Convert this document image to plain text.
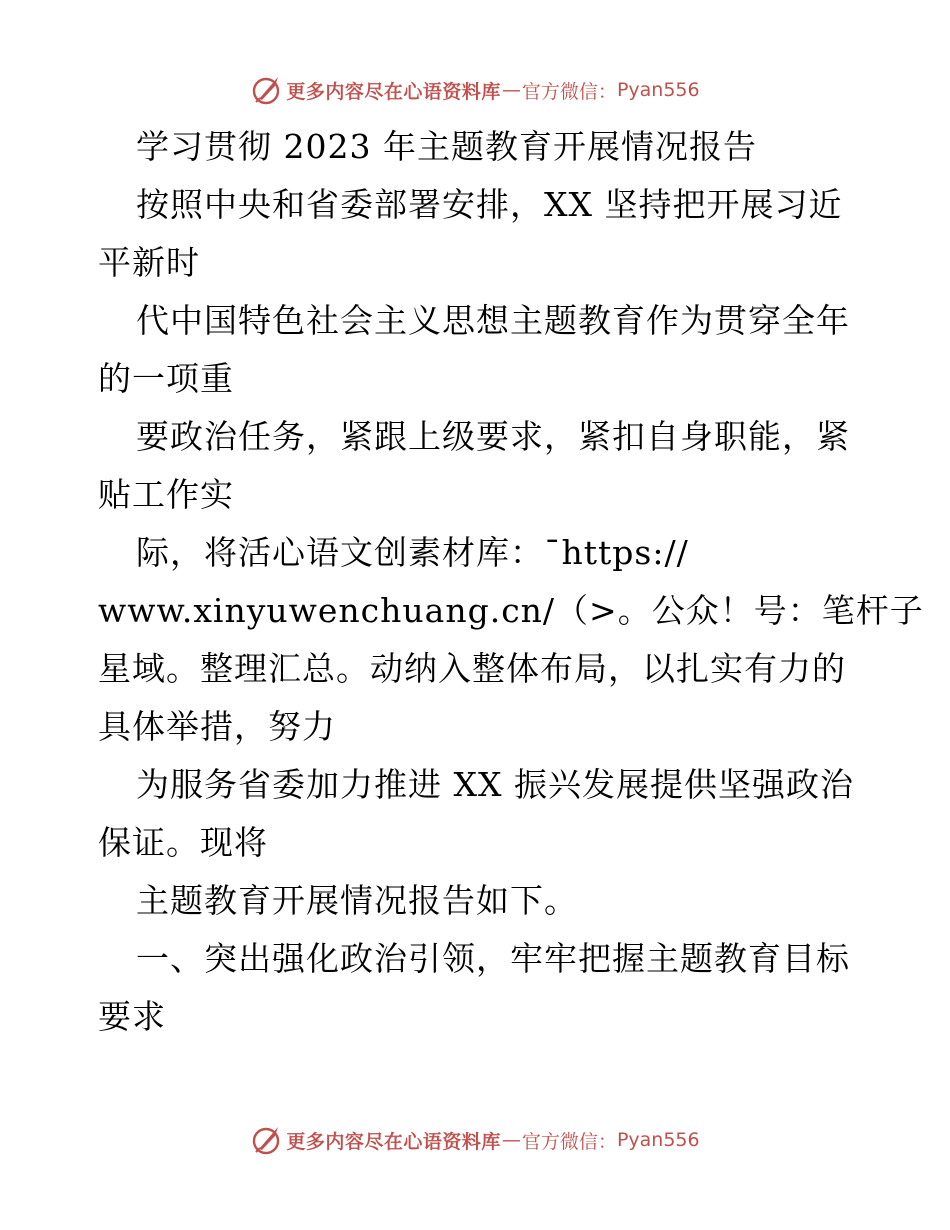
更多内容尽在心语资料库 — 官方微信： Pyan556
学习贯彻 2023 年主题教育开展情况报告
按照中央和省委部署安排，XX 坚持把开展习近
平新时
代中国特色社会主义思想主题教育作为贯穿全年
的一项重
要政治任务，紧跟上级要求，紧扣自身职能，紧
贴工作实
际，将活心语文创素材库：¯https://
www.xinyuwenchuang.cn/（>。公众！号：笔杆子
星域。整理汇总。动纳入整体布局，以扎实有力的
具体举措，努力
为服务省委加力推进 XX 振兴发展提供坚强政治
保证。现将
主题教育开展情况报告如下。
一、突出强化政治引领，牢牢把握主题教育目标
要求
更多内容尽在心语资料库 — 官方微信： Pyan556
